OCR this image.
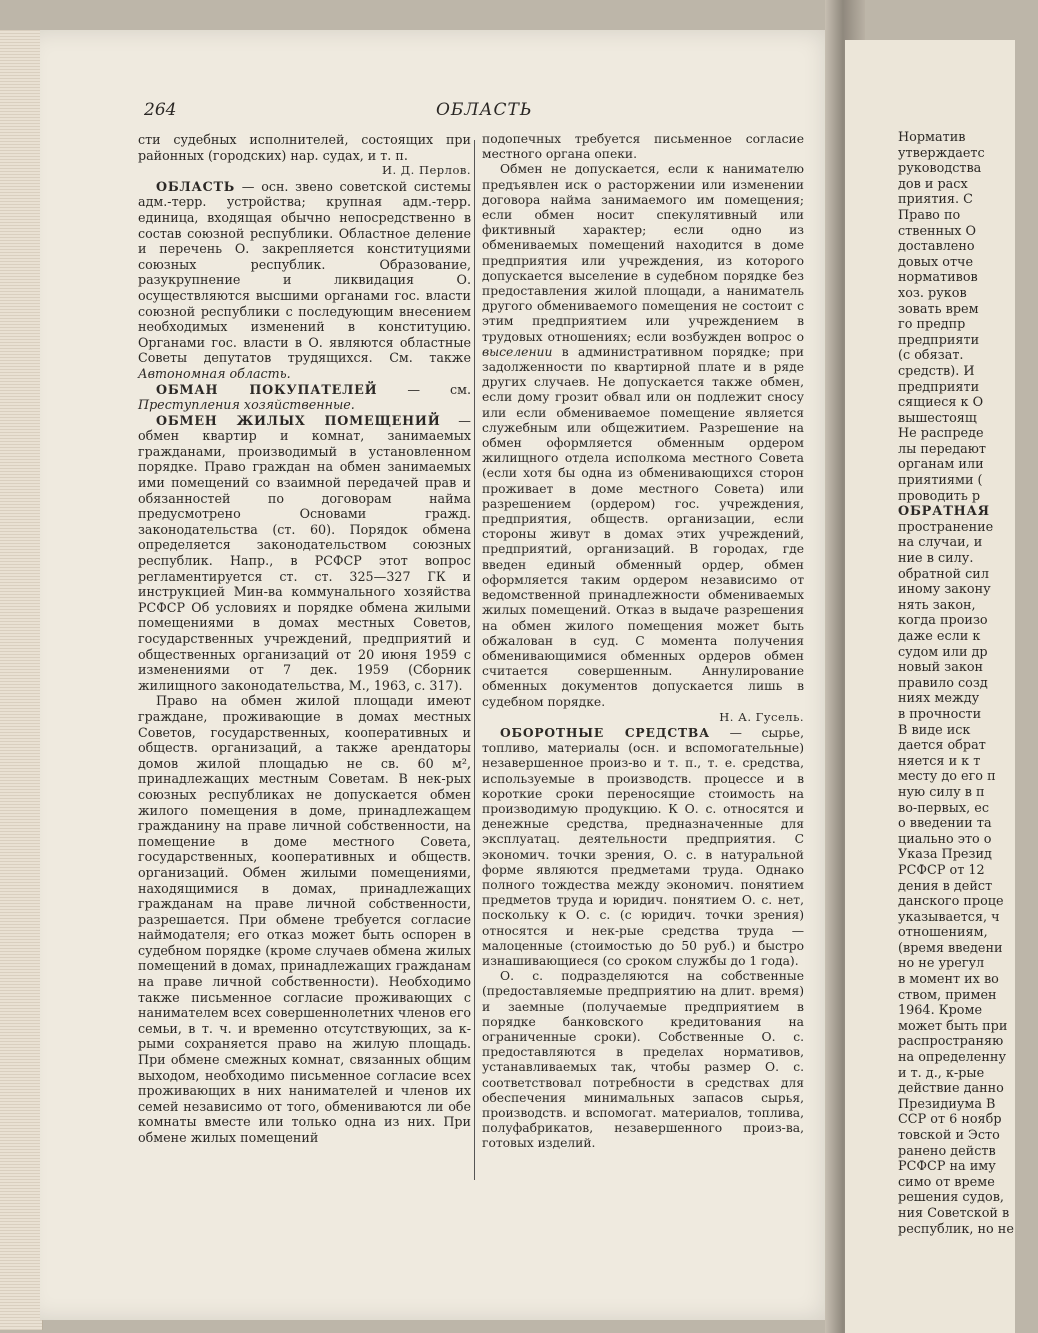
264	ОБЛАСТЬ

сти судебных исполнителей, состоящих при районных (городских) нар. судах, и т. п.

И. Д. Перлов.

ОБЛАСТЬ — осн. звено советской системы адм.-терр. устройства; крупная адм.-терр. единица, входящая обычно непосредственно в состав союзной республики. Областное деление и перечень О. закрепляется конституциями союзных республик. Образование, разукрупнение и ликвидация О. осуществляются высшими органами гос. власти союзной республики с последующим внесением необходимых изменений в конституцию. Органами гос. власти в О. являются областные Советы депутатов трудящихся. См. также Автономная область.

ОБМАН ПОКУПАТЕЛЕЙ — см. Преступления хозяйственные.

ОБМЕН ЖИЛЫХ ПОМЕЩЕНИЙ — обмен квартир и комнат, занимаемых гражданами, производимый в установленном порядке. Право граждан на обмен занимаемых ими помещений со взаимной передачей прав и обязанностей по договорам найма предусмотрено Основами гражд. законодательства (ст. 60). Порядок обмена определяется законодательством союзных республик. Напр., в РСФСР этот вопрос регламентируется ст. ст. 325—327 ГК и инструкцией Мин-ва коммунального хозяйства РСФСР Об условиях и порядке обмена жилыми помещениями в домах местных Советов, государственных учреждений, предприятий и общественных организаций от 20 июня 1959 с изменениями от 7 дек. 1959 (Сборник жилищного законодательства, М., 1963, с. 317).

Право на обмен жилой площади имеют граждане, проживающие в домах местных Советов, государственных, кооперативных и обществ. организаций, а также арендаторы домов жилой площадью не св. 60 м², принадлежащих местным Советам. В нек-рых союзных республиках не допускается обмен жилого помещения в доме, принадлежащем гражданину на праве личной собственности, на помещение в доме местного Совета, государственных, кооперативных и обществ. организаций. Обмен жилыми помещениями, находящимися в домах, принадлежащих гражданам на праве личной собственности, разрешается. При обмене требуется согласие наймодателя; его отказ может быть оспорен в судебном порядке (кроме случаев обмена жилых помещений в домах, принадлежащих гражданам на праве личной собственности). Необходимо также письменное согласие проживающих с нанимателем всех совершеннолетних членов его семьи, в т. ч. и временно отсутствующих, за к-рыми сохраняется право на жилую площадь. При обмене смежных комнат, связанных общим выходом, необходимо письменное согласие всех проживающих в них нанимателей и членов их семей независимо от того, обмениваются ли обе комнаты вместе или только одна из них. При обмене жилых помещений

подопечных требуется письменное согласие местного органа опеки.

Обмен не допускается, если к нанимателю предъявлен иск о расторжении или изменении договора найма занимаемого им помещения; если обмен носит спекулятивный или фиктивный характер; если одно из обмениваемых помещений находится в доме предприятия или учреждения, из которого допускается выселение в судебном порядке без предоставления жилой площади, а наниматель другого обмениваемого помещения не состоит с этим предприятием или учреждением в трудовых отношениях; если возбужден вопрос о выселении в административном порядке; при задолженности по квартирной плате и в ряде других случаев. Не допускается также обмен, если дому грозит обвал или он подлежит сносу или если обмениваемое помещение является служебным или общежитием. Разрешение на обмен оформляется обменным ордером жилищного отдела исполкома местного Совета (если хотя бы одна из обменивающихся сторон проживает в доме местного Совета) или разрешением (ордером) гос. учреждения, предприятия, обществ. организации, если стороны живут в домах этих учреждений, предприятий, организаций. В городах, где введен единый обменный ордер, обмен оформляется таким ордером независимо от ведомственной принадлежности обмениваемых жилых помещений. Отказ в выдаче разрешения на обмен жилого помещения может быть обжалован в суд. С момента получения обменивающимися обменных ордеров обмен считается совершенным. Аннулирование обменных документов допускается лишь в судебном порядке.

Н. А. Гусель.

ОБОРОТНЫЕ СРЕДСТВА — сырье, топливо, материалы (осн. и вспомогательные) незавершенное произ-во и т. п., т. е. средства, используемые в производств. процессе и в короткие сроки переносящие стоимость на производимую продукцию. К О. с. относятся и денежные средства, предназначенные для эксплуатац. деятельности предприятия. С экономич. точки зрения, О. с. в натуральной форме являются предметами труда. Однако полного тождества между экономич. понятием предметов труда и юридич. понятием О. с. нет, поскольку к О. с. (с юридич. точки зрения) относятся и нек-рые средства труда — малоценные (стоимостью до 50 руб.) и быстро изнашивающиеся (со сроком службы до 1 года).

О. с. подразделяются на собственные (предоставляемые предприятию на длит. время) и заемные (получаемые предприятием в порядке банковского кредитования на ограниченные сроки). Собственные О. с. предоставляются в пределах нормативов, устанавливаемых так, чтобы размер О. с. соответствовал потребности в средствах для обеспечения минимальных запасов сырья, производств. и вспомогат. материалов, топлива, полуфабрикатов, незавершенного произ-ва, готовых изделий.

Норматив
утверждаетс
руководства
дов и расх
приятия. С
Право по
ственных О
доставлено
довых отче
нормативов
хоз. руков
зовать врем
го предпр
предприяти
(с обязат.
средств). И
предприяти
сящиеся к О
вышестоящ
Не распреде
лы передают
органам или
приятиями (
проводить р
ОБРАТНАЯ
пространение
на случаи, и
ние в силу.
обратной сил
иному закону
нять закон,
когда произо
даже если к
судом или др
новый закон
правило созд
ниях между
в прочности
В виде иск
дается обрат
няется и к т
месту до его п
ную силу в п
во-первых, ес
о введении та
циально это о
Указа Презид
РСФСР от 12
дения в дейст
данского проце
указывается, ч
отношениям,
(время введени
но не урегул
в момент их во
ством, примен
1964. Кроме
может быть при
распространяю
на определенну
и т. д., к-рые
действие данно
Президиума В
ССР от 6 ноябр
товской и Эсто
ранено действ
РСФСР на иму
симо от време
решения судов,
ния Советской в
республик, но не
